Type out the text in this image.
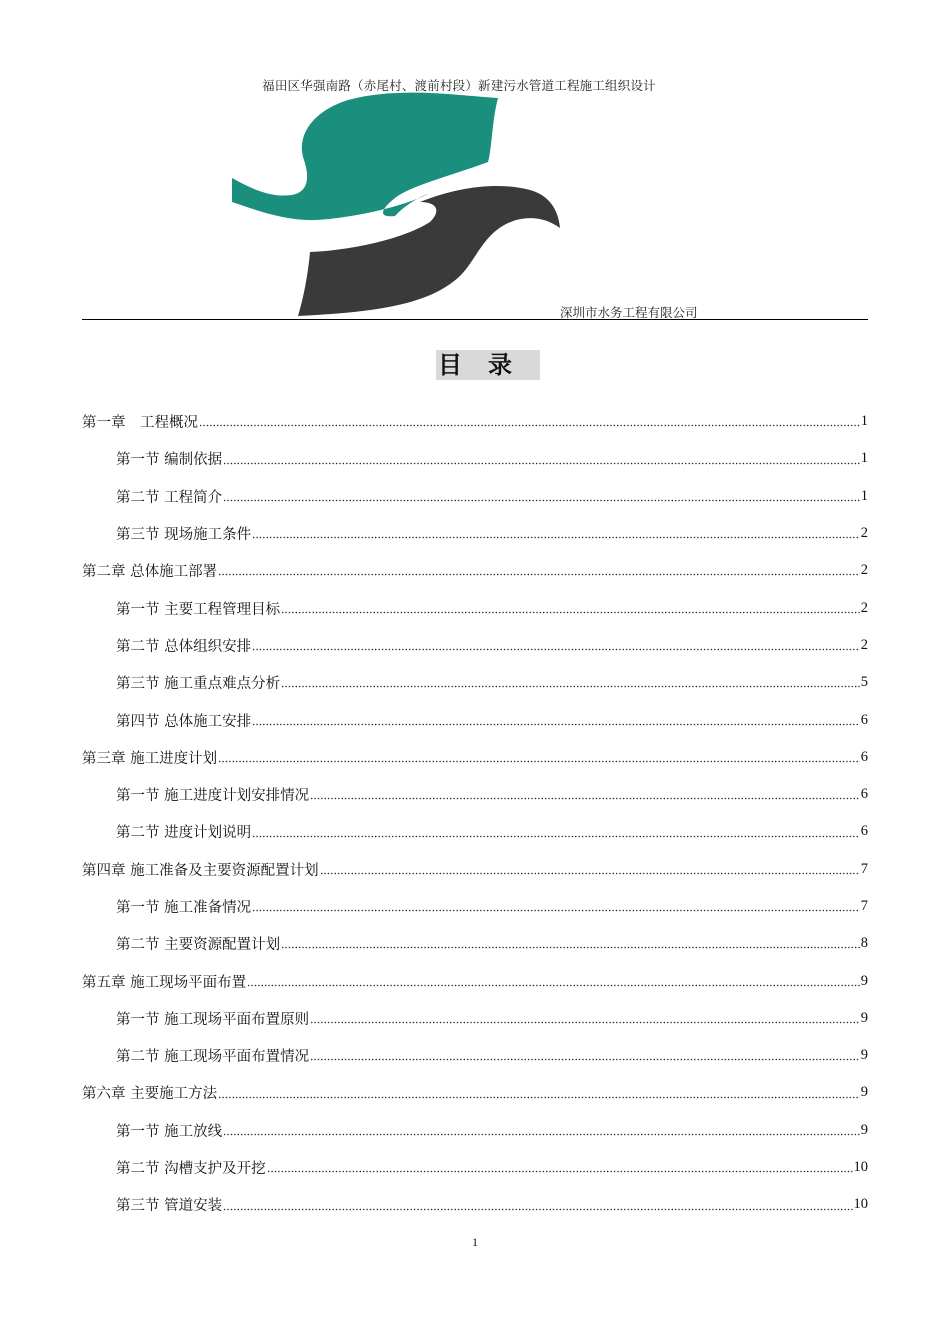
福田区华强南路（赤尾村、渡前村段）新建污水管道工程施工组织设计
深圳市水务工程有限公司
目录
第一章　工程概况	1
第一节 编制依据	1
第二节 工程简介	1
第三节 现场施工条件	2
第二章 总体施工部署	2
第一节 主要工程管理目标	2
第二节 总体组织安排	2
第三节 施工重点难点分析	5
第四节 总体施工安排	6
第三章 施工进度计划	6
第一节 施工进度计划安排情况	6
第二节 进度计划说明	6
第四章 施工准备及主要资源配置计划	7
第一节 施工准备情况	7
第二节 主要资源配置计划	8
第五章 施工现场平面布置	9
第一节 施工现场平面布置原则	9
第二节 施工现场平面布置情况	9
第六章 主要施工方法	9
第一节 施工放线	9
第二节 沟槽支护及开挖	10
第三节 管道安装	10
1
